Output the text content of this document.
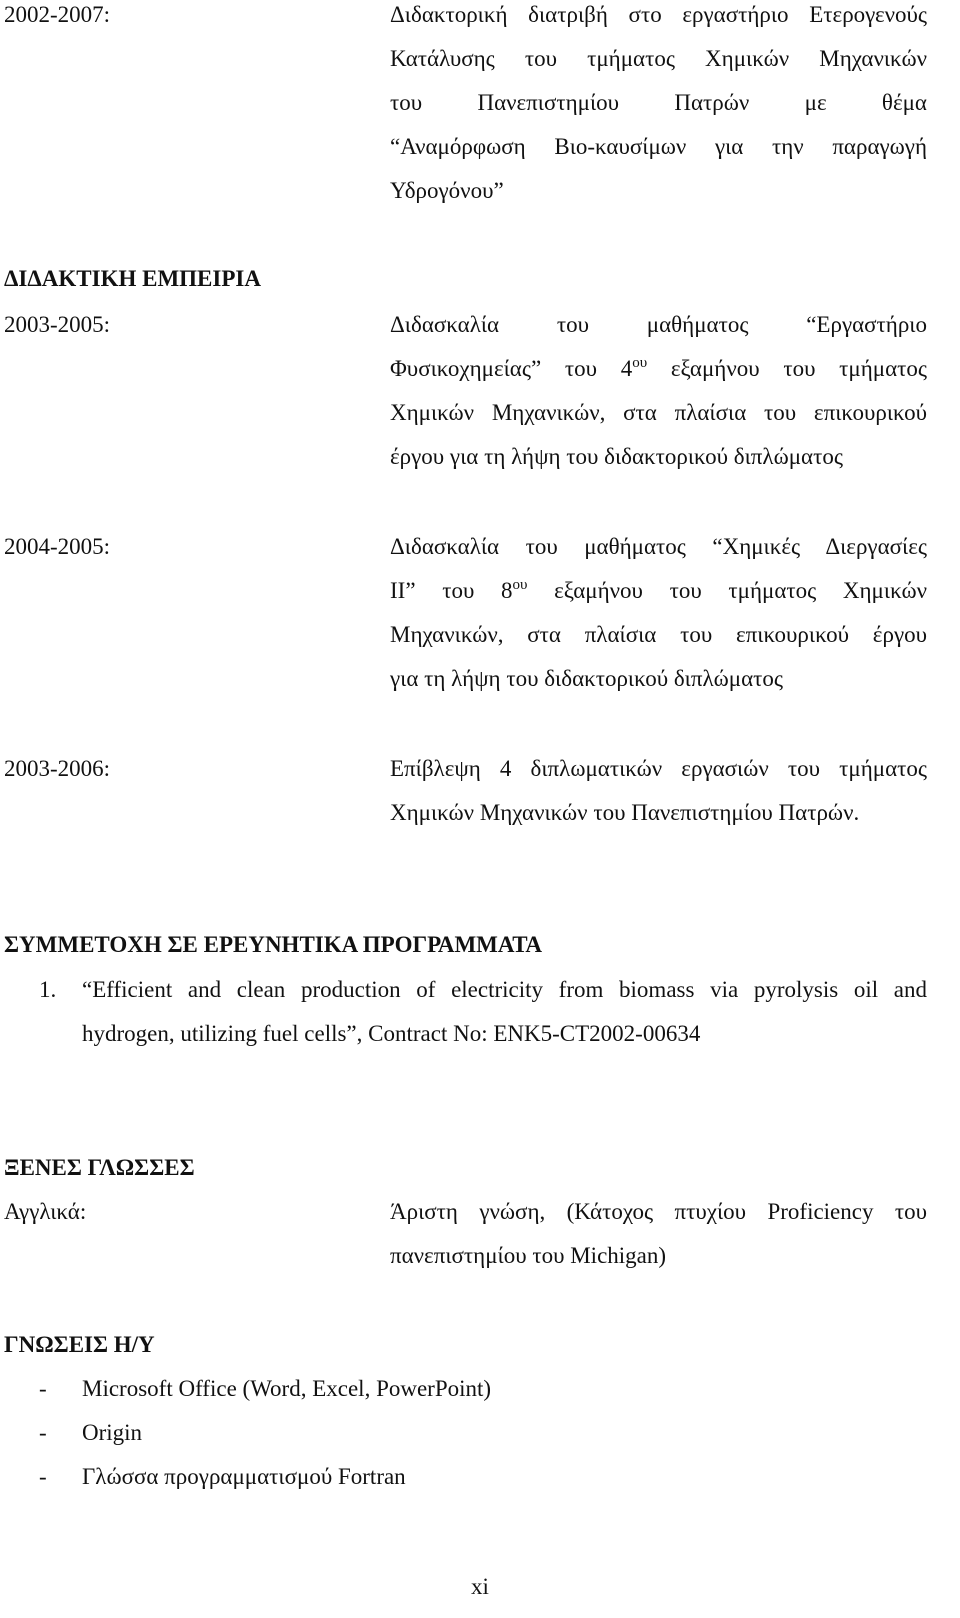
2002-2007:	Διδακτορική διατριβή στο εργαστήριο Ετερογενούς
Κατάλυσης του τμήματος Χημικών Μηχανικών
του Πανεπιστημίου Πατρών με θέμα
“Αναμόρφωση Βιο-καυσίμων για την παραγωγή
Υδρογόνου”
ΔΙΔΑΚΤΙΚΗ ΕΜΠΕΙΡΙΑ
2003-2005:	Διδασκαλία του μαθήματος “Εργαστήριο
Φυσικοχημείας” του $4^{o\upsilon}$ εξαμήνου του τμήματος
Χημικών Μηχανικών, στα πλαίσια του επικουρικού
έργου για τη λήψη του διδακτορικού διπλώματος
2004-2005:	Διδασκαλία του μαθήματος “Χημικές Διεργασίες
ΙΙ” του $8^{o\upsilon}$ εξαμήνου του τμήματος Χημικών
Μηχανικών, στα πλαίσια του επικουρικού έργου
για τη λήψη του διδακτορικού διπλώματος
2003-2006:	Επίβλεψη 4 διπλωματικών εργασιών του τμήματος
Χημικών Μηχανικών του Πανεπιστημίου Πατρών.
ΣΥΜΜΕΤΟΧΗ ΣΕ ΕΡΕΥΝΗΤΙΚΑ ΠΡΟΓΡΑΜΜΑΤΑ
1. “Efficient and clean production of electricity from biomass via pyrolysis oil and
hydrogen, utilizing fuel cells”, Contract No: ENK5-CT2002-00634
ΞΕΝΕΣ ΓΛΩΣΣΕΣ
Αγγλικά:	Άριστη γνώση, (Κάτοχος πτυχίου Proficiency του
πανεπιστημίου του Michigan)
ΓΝΩΣΕΙΣ Η/Υ
- Microsoft Office (Word, Excel, PowerPoint)
- Origin
- Γλώσσα προγραμματισμού Fortran
xi
